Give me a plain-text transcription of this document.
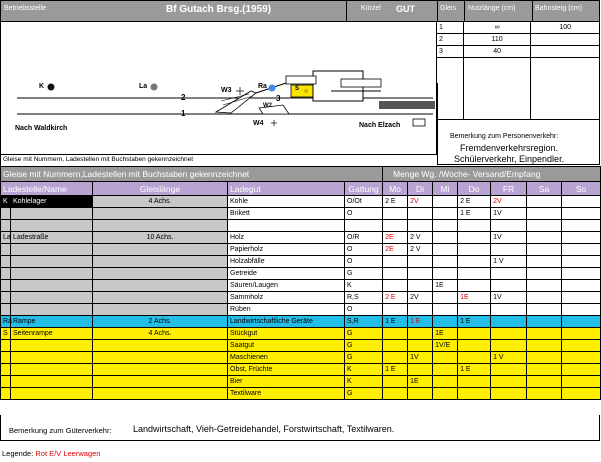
Betriebsstelle	Bf Gutach Brsg.(1959)	Kürzel GUT	Gleis Nutzlänge (cm)	Bahnsteig (cm)
1	∞	100
2	110	
3	40	

K	La	Ra	S
2
1
3
W3
W4
W2
Nach Waldkirch	Nach Elzach
Gleise mit Nummern, Ladestellen mit Buchstaben gekennzeichnet
Bemerkung zum Personenverkehr:
Fremdenverkehrsregion.
Schülerverkehr, Einpendler.
Gleise mit Nummern,Ladestellen mit Buchstaben gekennzeichnet					Menge Wg. /Woche- Versand/Empfang						
Ladestelle/Name		Gleislänge	Ladegut	Gattung	Mo	Di	Mi	Do	FR	Sa	So
K	Kohlelager	4 Achs.	Kohle	O/Ot	2 E	2V		2 E	2V		
			Brikett	O				1 E	1V		

La	Ladestraße	10 Achs.	Holz	O/R	2E	2 V			1V		
			Papierholz	O	2E	2 V					
			Holzabfälle	O					1 V		
			Getreide	G							
			Säuren/Laugen	K			1E				
			Sammholz	R,S	2 E	2V		1E	1V		
			Rüben	O							
Ra	Rampe	2 Achs.	Landwirtschaftliche Geräte	S,R	1 E	1 E		1 E			
S	Seitenrampe	4 Achs.	Stückgut	G			1E				
			Saatgut	G			1V/E				
			Maschienen	G		1V			1 V		
			Obst, Früchte	K	1 E			1 E			
			Bier	K		1E					
			Textilware	G							
Bemerkung zum Güterverkehr: Landwirtschaft, Vieh-Getreidehandel, Forstwirtschaft, Textilwaren.
Legende: Rot E/V Leerwagen
